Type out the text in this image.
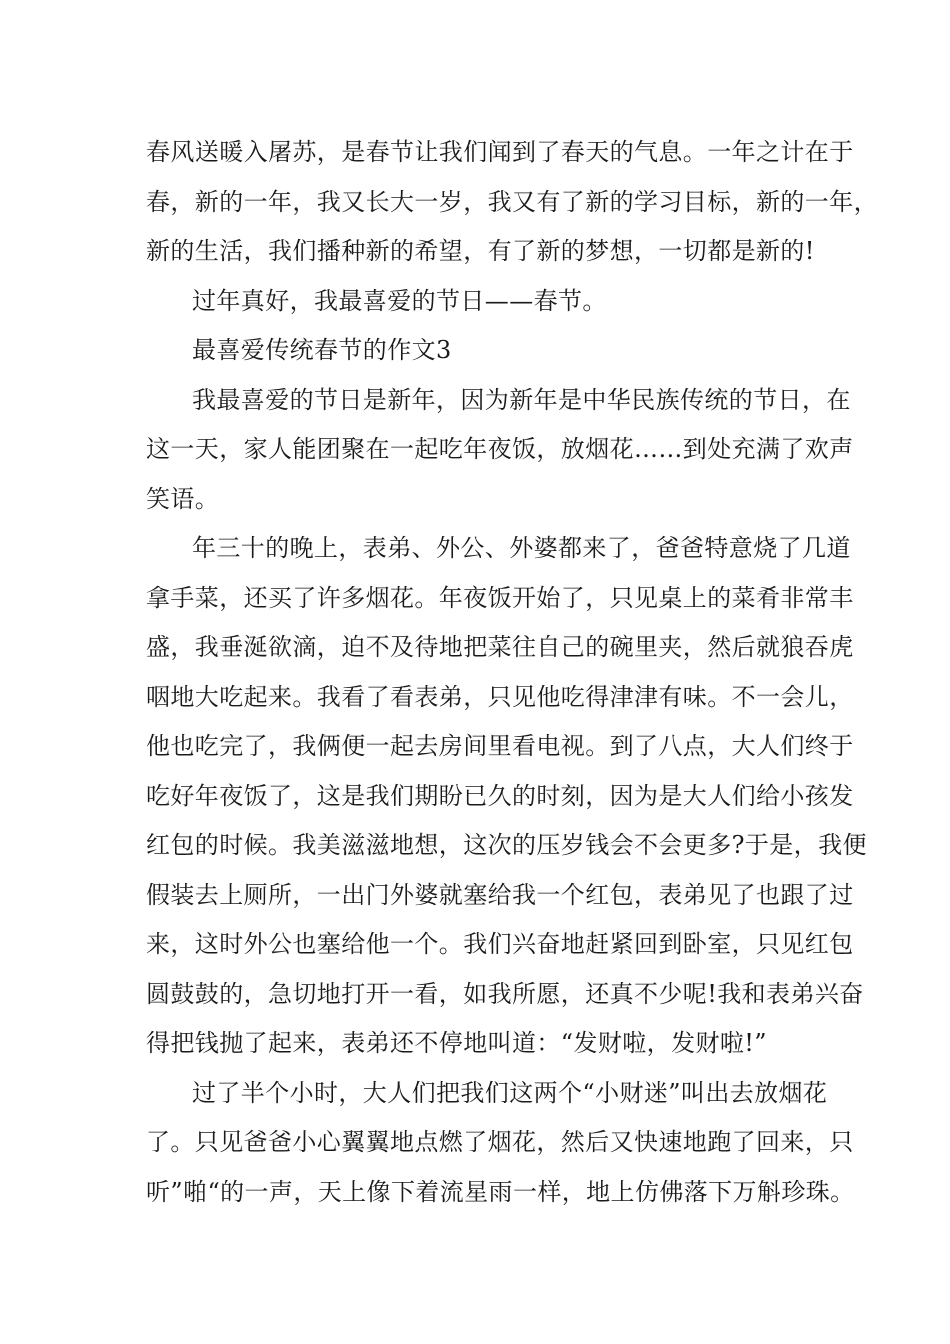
春风送暖入屠苏，是春节让我们闻到了春天的气息。一年之计在于
春，新的一年，我又长大一岁，我又有了新的学习目标，新的一年，
新的生活，我们播种新的希望，有了新的梦想，一切都是新的!
过年真好，我最喜爱的节日——春节。
最喜爱传统春节的作文3
我最喜爱的节日是新年，因为新年是中华民族传统的节日，在
这一天，家人能团聚在一起吃年夜饭，放烟花……到处充满了欢声
笑语。
年三十的晚上，表弟、外公、外婆都来了，爸爸特意烧了几道
拿手菜，还买了许多烟花。年夜饭开始了，只见桌上的菜肴非常丰
盛，我垂涎欲滴，迫不及待地把菜往自己的碗里夹，然后就狼吞虎
咽地大吃起来。我看了看表弟，只见他吃得津津有味。不一会儿，
他也吃完了，我俩便一起去房间里看电视。到了八点，大人们终于
吃好年夜饭了，这是我们期盼已久的时刻，因为是大人们给小孩发
红包的时候。我美滋滋地想，这次的压岁钱会不会更多?于是，我便
假装去上厕所，一出门外婆就塞给我一个红包，表弟见了也跟了过
来，这时外公也塞给他一个。我们兴奋地赶紧回到卧室，只见红包
圆鼓鼓的，急切地打开一看，如我所愿，还真不少呢!我和表弟兴奋
得把钱抛了起来，表弟还不停地叫道：“发财啦，发财啦!”
过了半个小时，大人们把我们这两个“小财迷”叫出去放烟花
了。只见爸爸小心翼翼地点燃了烟花，然后又快速地跑了回来，只
听”啪“的一声，天上像下着流星雨一样，地上仿佛落下万斛珍珠。
